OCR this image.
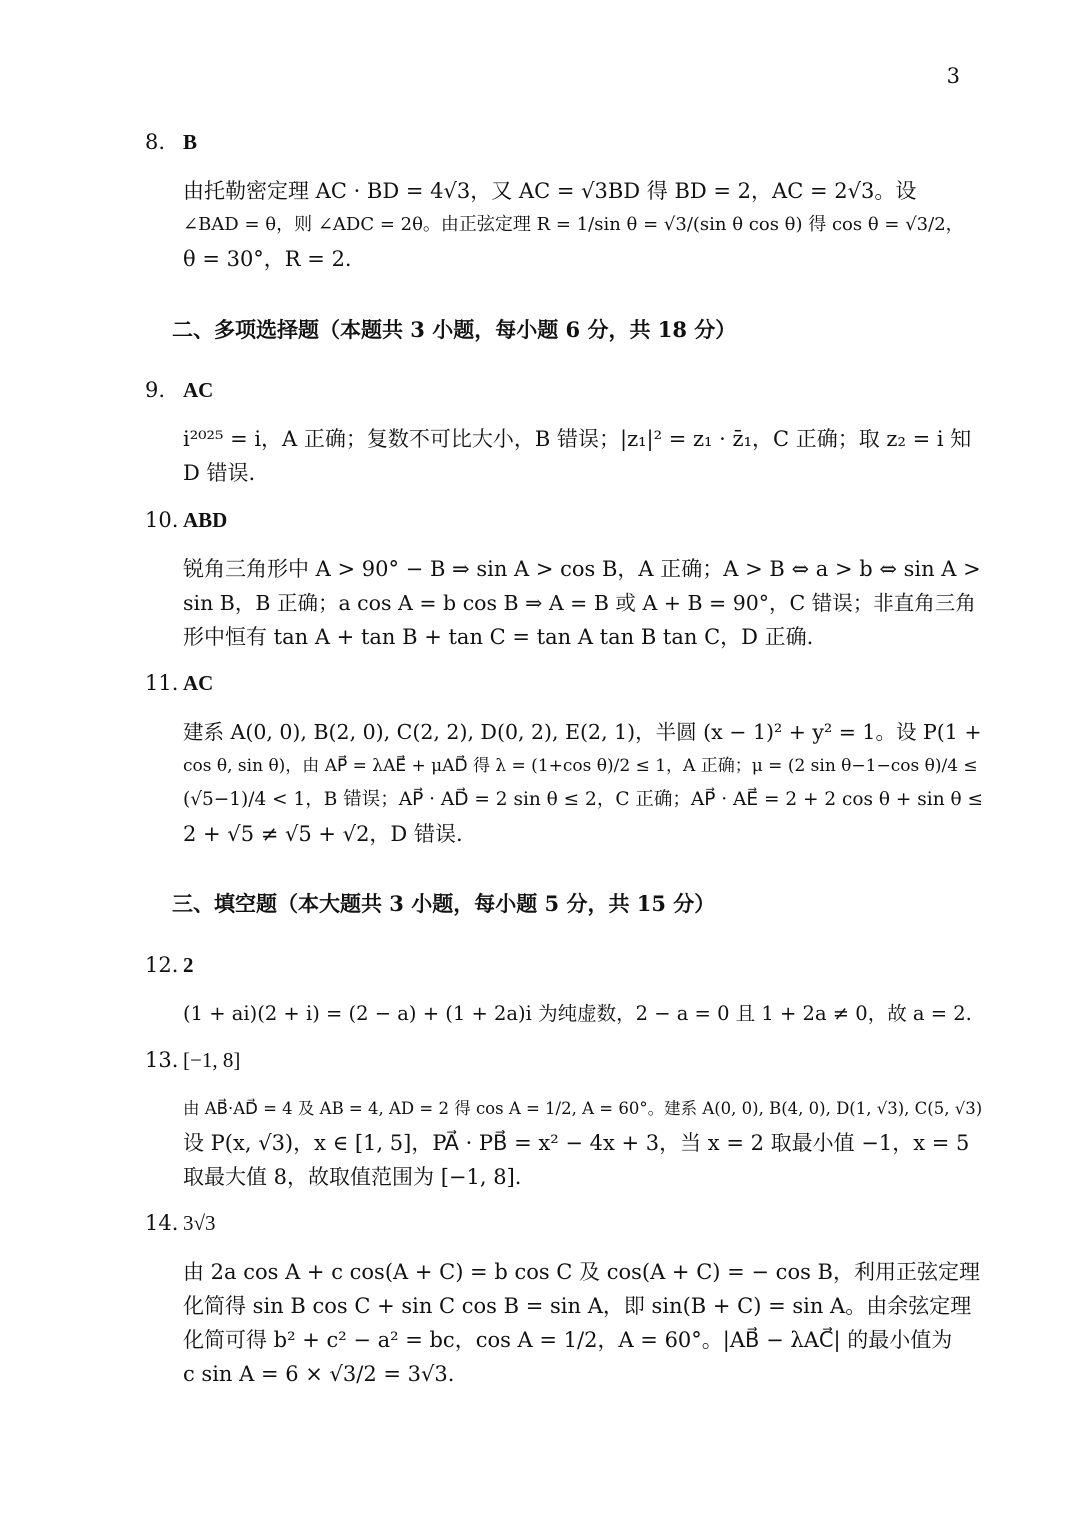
3
8. B
由托勒密定理 AC · BD = 4√3，又 AC = √3BD 得 BD = 2，AC = 2√3。设
∠BAD = θ，则 ∠ADC = 2θ。由正弦定理 R = 1/sin θ = √3/(sin θ cos θ) 得 cos θ = √3/2，
θ = 30°，R = 2.
二、多项选择题（本题共 3 小题，每小题 6 分，共 18 分）
9. AC
i²⁰²⁵ = i，A 正确；复数不可比大小，B 错误；|z₁|² = z₁ · z̄₁，C 正确；取 z₂ = i 知
D 错误.
10. ABD
锐角三角形中 A > 90° − B ⇒ sin A > cos B，A 正确；A > B ⇔ a > b ⇔ sin A >
sin B，B 正确；a cos A = b cos B ⇒ A = B 或 A + B = 90°，C 错误；非直角三角
形中恒有 tan A + tan B + tan C = tan A tan B tan C，D 正确.
11. AC
建系 A(0, 0), B(2, 0), C(2, 2), D(0, 2), E(2, 1)，半圆 (x − 1)² + y² = 1。设 P(1 +
cos θ, sin θ)，由 AP⃗ = λAE⃗ + μAD⃗ 得 λ = (1+cos θ)/2 ≤ 1，A 正确；μ = (2 sin θ−1−cos θ)/4 ≤
(√5−1)/4 < 1，B 错误；AP⃗ · AD⃗ = 2 sin θ ≤ 2，C 正确；AP⃗ · AE⃗ = 2 + 2 cos θ + sin θ ≤
2 + √5 ≠ √5 + √2，D 错误.
三、填空题（本大题共 3 小题，每小题 5 分，共 15 分）
12. 2
(1 + ai)(2 + i) = (2 − a) + (1 + 2a)i 为纯虚数，2 − a = 0 且 1 + 2a ≠ 0，故 a = 2.
13. [−1, 8]
由 AB⃗·AD⃗ = 4 及 AB = 4, AD = 2 得 cos A = 1/2, A = 60°。建系 A(0, 0), B(4, 0), D(1, √3), C(5, √3)
设 P(x, √3)，x ∈ [1, 5]，PA⃗ · PB⃗ = x² − 4x + 3，当 x = 2 取最小值 −1，x = 5
取最大值 8，故取值范围为 [−1, 8].
14. 3√3
由 2a cos A + c cos(A + C) = b cos C 及 cos(A + C) = − cos B，利用正弦定理
化简得 sin B cos C + sin C cos B = sin A，即 sin(B + C) = sin A。由余弦定理
化简可得 b² + c² − a² = bc，cos A = 1/2，A = 60°。|AB⃗ − λAC⃗| 的最小值为
c sin A = 6 × √3/2 = 3√3.
